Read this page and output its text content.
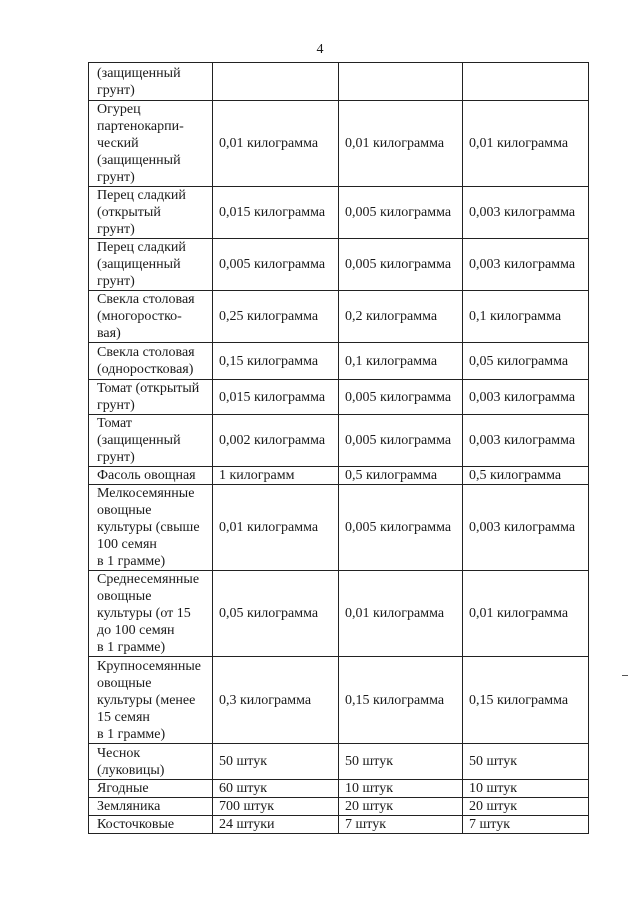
4
(защищенный
грунт)			

Огурец
партенокарпи-
ческий
(защищенный
грунт)	0,01 килограмма	0,01 килограмма	0,01 килограмма

Перец сладкий
(открытый
грунт)	0,015 килограмма	0,005 килограмма	0,003 килограмма

Перец сладкий
(защищенный
грунт)	0,005 килограмма	0,005 килограмма	0,003 килограмма

Свекла столовая
(многоростко-
вая)	0,25 килограмма	0,2 килограмма	0,1 килограмма

Свекла столовая
(одноростковая)	0,15 килограмма	0,1 килограмма	0,05 килограмма

Томат (открытый
грунт)	0,015 килограмма	0,005 килограмма	0,003 килограмма

Томат
(защищенный
грунт)	0,002 килограмма	0,005 килограмма	0,003 килограмма

Фасоль овощная	1 килограмм	0,5 килограмма	0,5 килограмма

Мелкосемянные
овощные
культуры (свыше
100 семян
в 1 грамме)	0,01 килограмма	0,005 килограмма	0,003 килограмма

Среднесемянные
овощные
культуры (от 15
до 100 семян
в 1 грамме)	0,05 килограмма	0,01 килограмма	0,01 килограмма

Крупносемянные
овощные
культуры (менее
15 семян
в 1 грамме)	0,3 килограмма	0,15 килограмма	0,15 килограмма

Чеснок
(луковицы)	50 штук	50 штук	50 штук

Ягодные	60 штук	10 штук	10 штук

Земляника	700 штук	20 штук	20 штук

Косточковые	24 штуки	7 штук	7 штук
